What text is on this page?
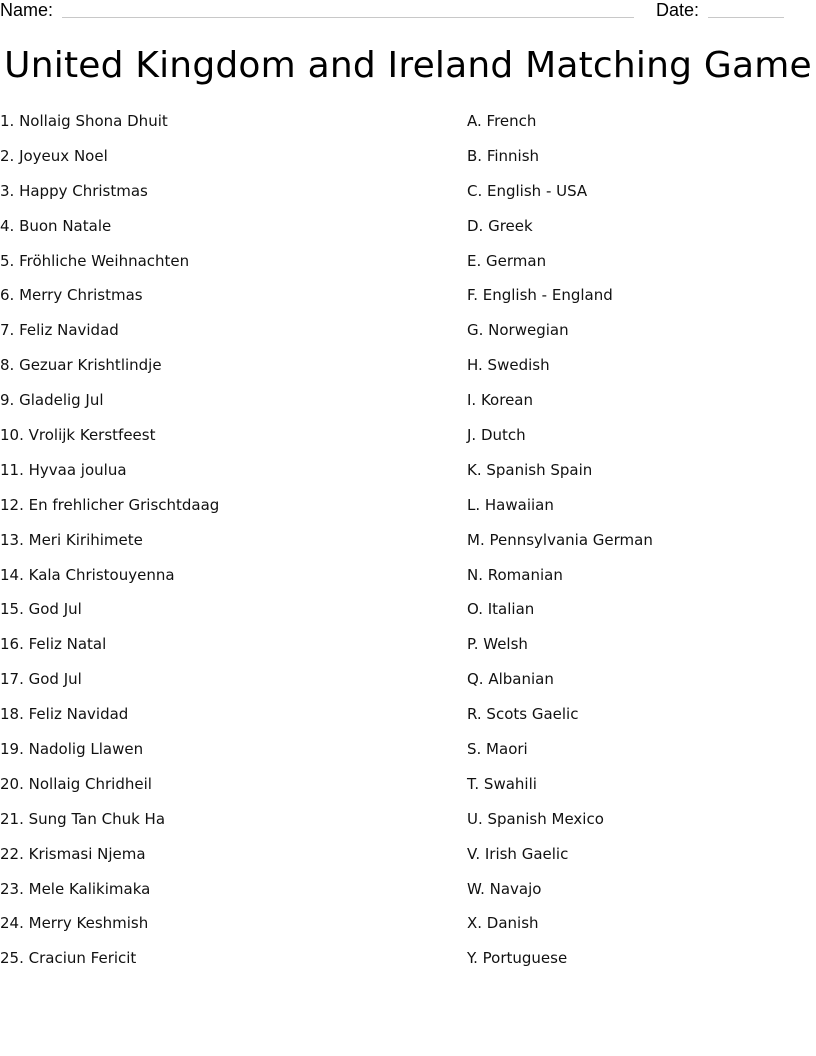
Name:	Date:
United Kingdom and Ireland Matching Game
1. Nollaig Shona Dhuit
2. Joyeux Noel
3. Happy Christmas
4. Buon Natale
5. Fröhliche Weihnachten
6. Merry Christmas
7. Feliz Navidad
8. Gezuar Krishtlindje
9. Gladelig Jul
10. Vrolijk Kerstfeest
11. Hyvaa joulua
12. En frehlicher Grischtdaag
13. Meri Kirihimete
14. Kala Christouyenna
15. God Jul
16. Feliz Natal
17. God Jul
18. Feliz Navidad
19. Nadolig Llawen
20. Nollaig Chridheil
21. Sung Tan Chuk Ha
22. Krismasi Njema
23. Mele Kalikimaka
24. Merry Keshmish
25. Craciun Fericit
A. French
B. Finnish
C. English - USA
D. Greek
E. German
F. English - England
G. Norwegian
H. Swedish
I. Korean
J. Dutch
K. Spanish Spain
L. Hawaiian
M. Pennsylvania German
N. Romanian
O. Italian
P. Welsh
Q. Albanian
R. Scots Gaelic
S. Maori
T. Swahili
U. Spanish Mexico
V. Irish Gaelic
W. Navajo
X. Danish
Y. Portuguese
